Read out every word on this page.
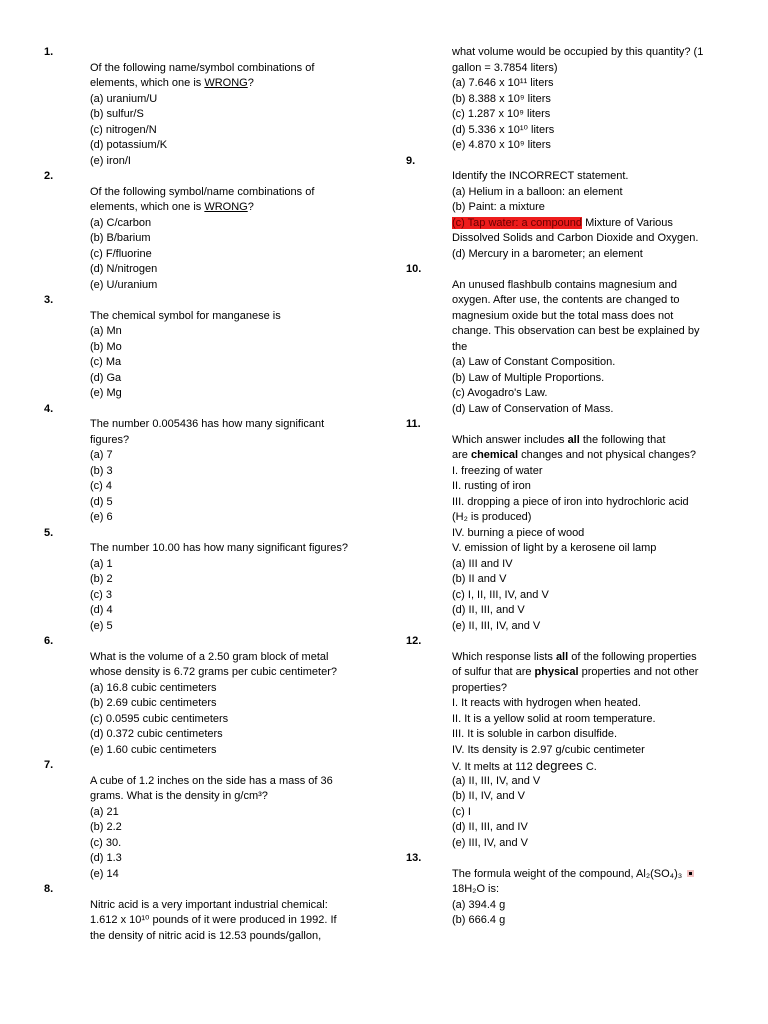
1.
Of the following name/symbol combinations of
elements, which one is WRONG?
(a) uranium/U
(b) sulfur/S
(c) nitrogen/N
(d) potassium/K
(e) iron/I
2.
Of the following symbol/name combinations of
elements, which one is WRONG?
(a) C/carbon
(b) B/barium
(c) F/fluorine
(d) N/nitrogen
(e) U/uranium
3.
The chemical symbol for manganese is
(a) Mn
(b) Mo
(c) Ma
(d) Ga
(e) Mg
4.
The number 0.005436 has how many significant
figures?
(a) 7
(b) 3
(c) 4
(d) 5
(e) 6
5.
The number 10.00 has how many significant figures?
(a) 1
(b) 2
(c) 3
(d) 4
(e) 5
6.
What is the volume of a 2.50 gram block of metal
whose density is 6.72 grams per cubic centimeter?
(a) 16.8 cubic centimeters
(b) 2.69 cubic centimeters
(c) 0.0595 cubic centimeters
(d) 0.372 cubic centimeters
(e) 1.60 cubic centimeters
7.
A cube of 1.2 inches on the side has a mass of 36
grams. What is the density in g/cm³?
(a) 21
(b) 2.2
(c) 30.
(d) 1.3
(e) 14
8.
Nitric acid is a very important industrial chemical:
1.612 x 10¹⁰ pounds of it were produced in 1992. If
the density of nitric acid is 12.53 pounds/gallon,
what volume would be occupied by this quantity? (1
gallon = 3.7854 liters)
(a) 7.646 x 10¹¹ liters
(b) 8.388 x 10⁹ liters
(c) 1.287 x 10⁹ liters
(d) 5.336 x 10¹⁰ liters
(e) 4.870 x 10⁹ liters
9.
Identify the INCORRECT statement.
(a) Helium in a balloon: an element
(b) Paint: a mixture
(c) Tap water: a compound Mixture of Various
Dissolved Solids and Carbon Dioxide and Oxygen.
(d) Mercury in a barometer; an element
10.
An unused flashbulb contains magnesium and
oxygen. After use, the contents are changed to
magnesium oxide but the total mass does not
change. This observation can best be explained by
the
(a) Law of Constant Composition.
(b) Law of Multiple Proportions.
(c) Avogadro's Law.
(d) Law of Conservation of Mass.
11.
Which answer includes all the following that
are chemical changes and not physical changes?
I. freezing of water
II. rusting of iron
III. dropping a piece of iron into hydrochloric acid
(H₂ is produced)
IV. burning a piece of wood
V. emission of light by a kerosene oil lamp
(a) III and IV
(b) II and V
(c) I, II, III, IV, and V
(d) II, III, and V
(e) II, III, IV, and V
12.
Which response lists all of the following properties
of sulfur that are physical properties and not other
properties?
I. It reacts with hydrogen when heated.
II. It is a yellow solid at room temperature.
III. It is soluble in carbon disulfide.
IV. Its density is 2.97 g/cubic centimeter
V. It melts at 112 degrees C.
(a) II, III, IV, and V
(b) II, IV, and V
(c) I
(d) II, III, and IV
(e) III, IV, and V
13.
The formula weight of the compound, Al₂(SO₄)₃
18H₂O is:
(a) 394.4 g
(b) 666.4 g
